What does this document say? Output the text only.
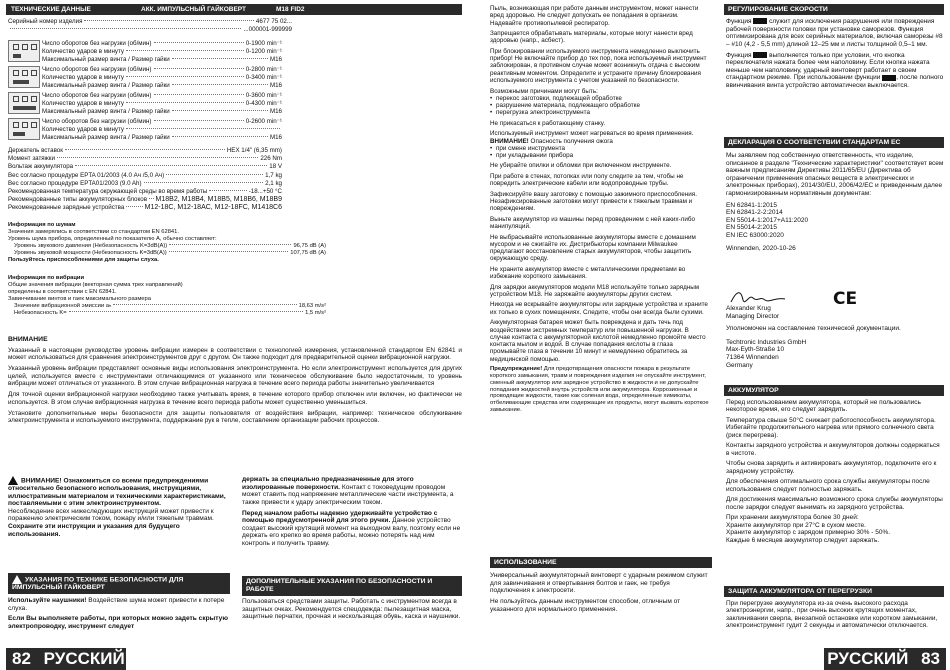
ТЕХНИЧЕСКИЕ ДАННЫЕ	АКК. ИМПУЛЬСНЫЙ ГАЙКОВЕРТ	M18 FID2
Серийный номер изделия	4677 75 02...
...000001-999999
Число оборотов без нагрузки (об/мин)	0-1900 min⁻¹
Количество ударов в минуту	0-1200 min⁻¹
Максимальный размер винта / Размер гайки	M16
Число оборотов без нагрузки (об/мин)	0-2800 min⁻¹
Количество ударов в минуту	0-3400 min⁻¹
Максимальный размер винта / Размер гайки	M16
Число оборотов без нагрузки (об/мин)	0-3600 min⁻¹
Количество ударов в минуту	0-4300 min⁻¹
Максимальный размер винта / Размер гайки	M16
Число оборотов без нагрузки (об/мин)	0-2600 min⁻¹
Количество ударов в минуту
Максимальный размер винта / Размер гайки	M16
Держатель вставок	HEX 1/4" (6,35 mm)
Момент затяжки	226 Nm
Вольтаж аккумулятора	18 V
Вес согласно процедуре EPTA 01/2003 (4.0 Ач /5,0 Ач)	1,7 kg
Вес согласно процедуре EPTA01/2003 (9.0 Ah)	2,1 kg
Рекомендованная температура окружающей среды во время работы	-18...+50 °C
Рекомендованные типы аккумуляторных блоков M18B2, M18B4, M18B5, M18B6, M18B9
Рекомендованные зарядные устройства	M12-18C, M12-18AC, M12-18FC, M1418C6
Информация по шумам
Значения замерялись в соответствии со стандартом EN 62841.
Уровень шума прибора, определенный по показателю А, обычно составляет:
Уровень звукового давления (Небезопасность K=3dB(A))	96,75 dB (A)
Уровень звуковой мощности (Небезопасность K=3dB(A))	107,75 dB (A)
Пользуйтесь приспособлениями для защиты слуха.
Информация по вибрации
Общие значения вибрации (векторная сумма трех направлений) определены в соответствии с EN 62841.
Завинчивание винтов и гаек максимального размера
Значение вибрационной эмиссии aₕ	18,63 m/s²
Небезопасность K=	1,5 m/s²

ВНИМАНИЕ

Указанный в настоящем руководстве уровень вибрации измерен в соответствии с технологией измерения, установленной стандартом EN 62841 и может использоваться для сравнения электроинструментов друг с другом. Он также подходит для предварительной оценки вибрационной нагрузки.

Указанный уровень вибрации представляет основные виды использования электроинструмента. Но если электроинструмент используется для других целей, используется вместе с инструментами отличающимися от указанного или техническое обслуживание было недостаточным, то уровень вибрации может отличаться от указанного. В этом случае вибрационная нагрузка в течение всего периода работы значительно увеличивается

Для точной оценки вибрационной нагрузки необходимо также учитывать время, в течение которого прибор отключен или включен, но фактически не используется. В этом случае вибрационная нагрузка в течение всего периода работы может существенно уменьшиться.

Установите дополнительные меры безопасности для защиты пользователя от воздействия вибрации, например: техническое обслуживание электроинструмента и используемого инструмента, поддержание рук в тепле, составление организации рабочих процессов.

ВНИМАНИЕ! Ознакомиться со всеми предупреждениями относительно безопасного использования, инструкциями, иллюстративным материалом и техническими характеристиками, поставляемыми с этим электроинструментом.
Несоблюдение всех нижеследующих инструкций может привести к поражению электрическим током, пожару и/или тяжелым травмам.
Сохраните эти инструкции и указания для будущего использования.
УКАЗАНИЯ ПО ТЕХНИКЕ БЕЗОПАСНОСТИ ДЛЯ ИМПУЛЬСНЫЙ ГАЙКОВЕРТ

Используйте наушники! Воздействие шума может привести к потере слуха.

Если Вы выполняете работы, при которых можно задеть скрытую электропроводку, инструмент следует

держать за специально предназначенные для этого изолированные поверхности. Контакт с токоведущим проводом может ставить под напряжение металлические части инструмента, а также привести к удару электрическим током.

Перед началом работы надежно удерживайте устройство с помощью предусмотренной для этого ручки. Данное устройство создает высокий крутящий момент на выходном валу, поэтому если не держать его крепко во время работы, можно потерять над ним контроль и получить травму.

ДОПОЛНИТЕЛЬНЫЕ УКАЗАНИЯ ПО БЕЗОПАСНОСТИ И РАБОТЕ

Пользоваться средствами защиты. Работать с инструментом всегда в защитных очках. Рекомендуется спецодежда: пылезащитная маска, защитные перчатки, прочная и нескользящая обувь, каска и наушники.

82 РУССКИЙ

Пыль, возникающая при работе данным инструментом, может нанести вред здоровью. Не следует допускать ее попадания в организм. Надевайте противопылевой респиратор.

Запрещается обрабатывать материалы, которые могут нанести вред здоровью (напр., асбест).

При блокировании используемого инструмента немедленно выключить прибор! Не включайте прибор до тех пор, пока используемый инструмент заблокирован, в противном случае может возникнуть отдача с высоким реактивным моментом. Определите и устраните причину блокирования используемого инструмента с учетом указаний по безопасности.

Возможными причинами могут быть:

• перекос заготовки, подлежащей обработке
• разрушение материала, подлежащего обработке
• перегрузка электроинструмента

Не прикасаться к работающему станку.

Используемый инструмент может нагреваться во время применения. ВНИМАНИЕ! Опасность получения ожога

• при смене инструмента
• при укладывании прибора

Не убирайте опилки и обломки при включенном инструменте.

При работе в стенах, потолках или полу следите за тем, чтобы не повредить электрические кабели или водопроводные трубы.

Зафиксируйте вашу заготовку с помощью зажимного приспособления. Незафиксированные заготовки могут привести к тяжелым травмам и повреждениям.

Выньте аккумулятор из машины перед проведением с ней каких-либо манипуляций.

Не выбрасывайте использованные аккумуляторы вместе с домашним мусором и не сжигайте их. Дистрибьюторы компании Milwaukee предлагают восстановление старых аккумуляторов, чтобы защитить окружающую среду.

Не храните аккумулятор вместе с металлическими предметами во избежание короткого замыкания.

Для зарядки аккумуляторов модели M18 используйте только зарядным устройством M18. Не заряжайте аккумуляторы других систем.

Никогда не вскрывайте аккумуляторы или зарядные устройства и храните их только в сухих помещениях. Следите, чтобы они всегда были сухими.

Аккумуляторная батарея может быть повреждена и дать течь под воздействием экстремных температур или повышенной нагрузки. В случае контакта с аккумуляторной кислотой немедленно промойте место контакта мылом и водой. В случае попадания кислоты в глаза промывайте глаза в течении 10 минут и немедленно обратитесь за медицинской помощью.

Предупреждение! Для предотвращения опасности пожара в результате короткого замыкания, травм и повреждения изделия не опускайте инструмент, сменный аккумулятор или зарядное устройство в жидкости и не допускайте попадания жидкостей внутрь устройств или аккумулятора. Коррозионные и проводящие жидкости, такие как соленая вода, определенные химикаты, отбеливающие средства или содержащие их продукты, могут вызвать короткое замыкание.

ИСПОЛЬЗОВАНИЕ

Универсальный аккумуляторный винтоверт с ударным режимом служит для завинчивания и отвертывания болтов и гаек, не требуя подключения к электросети.

Не пользуйтесь данным инструментом способом, отличным от указанного для нормального применения.

РЕГУЛИРОВАНИЕ СКОРОСТИ

Функция  служит для исключения разрушения или повреждения рабочей поверхности головки при установке саморезов. Функция оптимизирована для всех серийных материалов, включая саморезы #8 – #10 (4,2 - 5,5 mm) длиной 12–25 мм и листы толщиной 0,5–1 мм.

Функция  выполняется только при условии, что кнопка переключателя нажата более чем наполовину. Если кнопка нажата меньше чем наполовину, ударный винтоверт работает в своем стандартном режиме. При использовании функции , после полного ввинчивания винта устройство автоматически выключается.

ДЕКЛАРАЦИЯ О СООТВЕТСТВИИ СТАНДАРТАМ ЕС

Мы заявляем под собственную ответственность, что изделие, описанное в разделе "Технические характеристики" соответствует всем важным предписаниям Директивы 2011/65/EU (Директива об ограничении применения опасных веществ в электрических и электронных приборах), 2014/30/EU, 2006/42/EC и приведенным далее гармонизированным нормативным документам:

EN 62841-1:2015
EN 62841-2-2:2014
EN 55014-1:2017+A11:2020
EN 55014-2:2015
EN IEC 63000:2020
Winnenden, 2020-10-26
CE
Alexander Krug
Managing Director
Уполномочен на составление технической документации.
Techtronic Industries GmbH
Max-Eyth-Straße 10
71364 Winnenden
Germany
АККУМУЛЯТОР

Перед использованием аккумулятора, который не пользовались некоторое время, его следует зарядить.

Температура свыше 50°C снижает работоспособность аккумулятора. Избегайте продолжительного нагрева или прямого солнечного света (риск перегрева).

Контакты зарядного устройства и аккумуляторов должны содержаться в чистоте.

Чтобы снова зарядить и активировать аккумулятор, подключите его к зарядному устройству.

Для обеспечения оптимального срока службы аккумуляторы после использования следует полностью заряжать.

Для достижения максимально возможного срока службы аккумуляторы после зарядки следует вынимать из зарядного устройства.

При хранении аккумулятора более 30 дней:
Храните аккумулятор при 27°C в сухом месте.
Храните аккумулятор с зарядом примерно 30% - 50%.
Каждые 6 месяцев аккумулятор следует заряжать.
ЗАЩИТА АККУМУЛЯТОРА ОТ ПЕРЕГРУЗКИ

При перегрузке аккумулятора из-за очень высокого расхода электроэнергии, напр., при очень высоких крутящих моментах, заклинивании сверла, внезапной остановке или коротком замыкании, электроинструмент гудит 2 секунды и автоматически отключается.

РУССКИЙ 83
